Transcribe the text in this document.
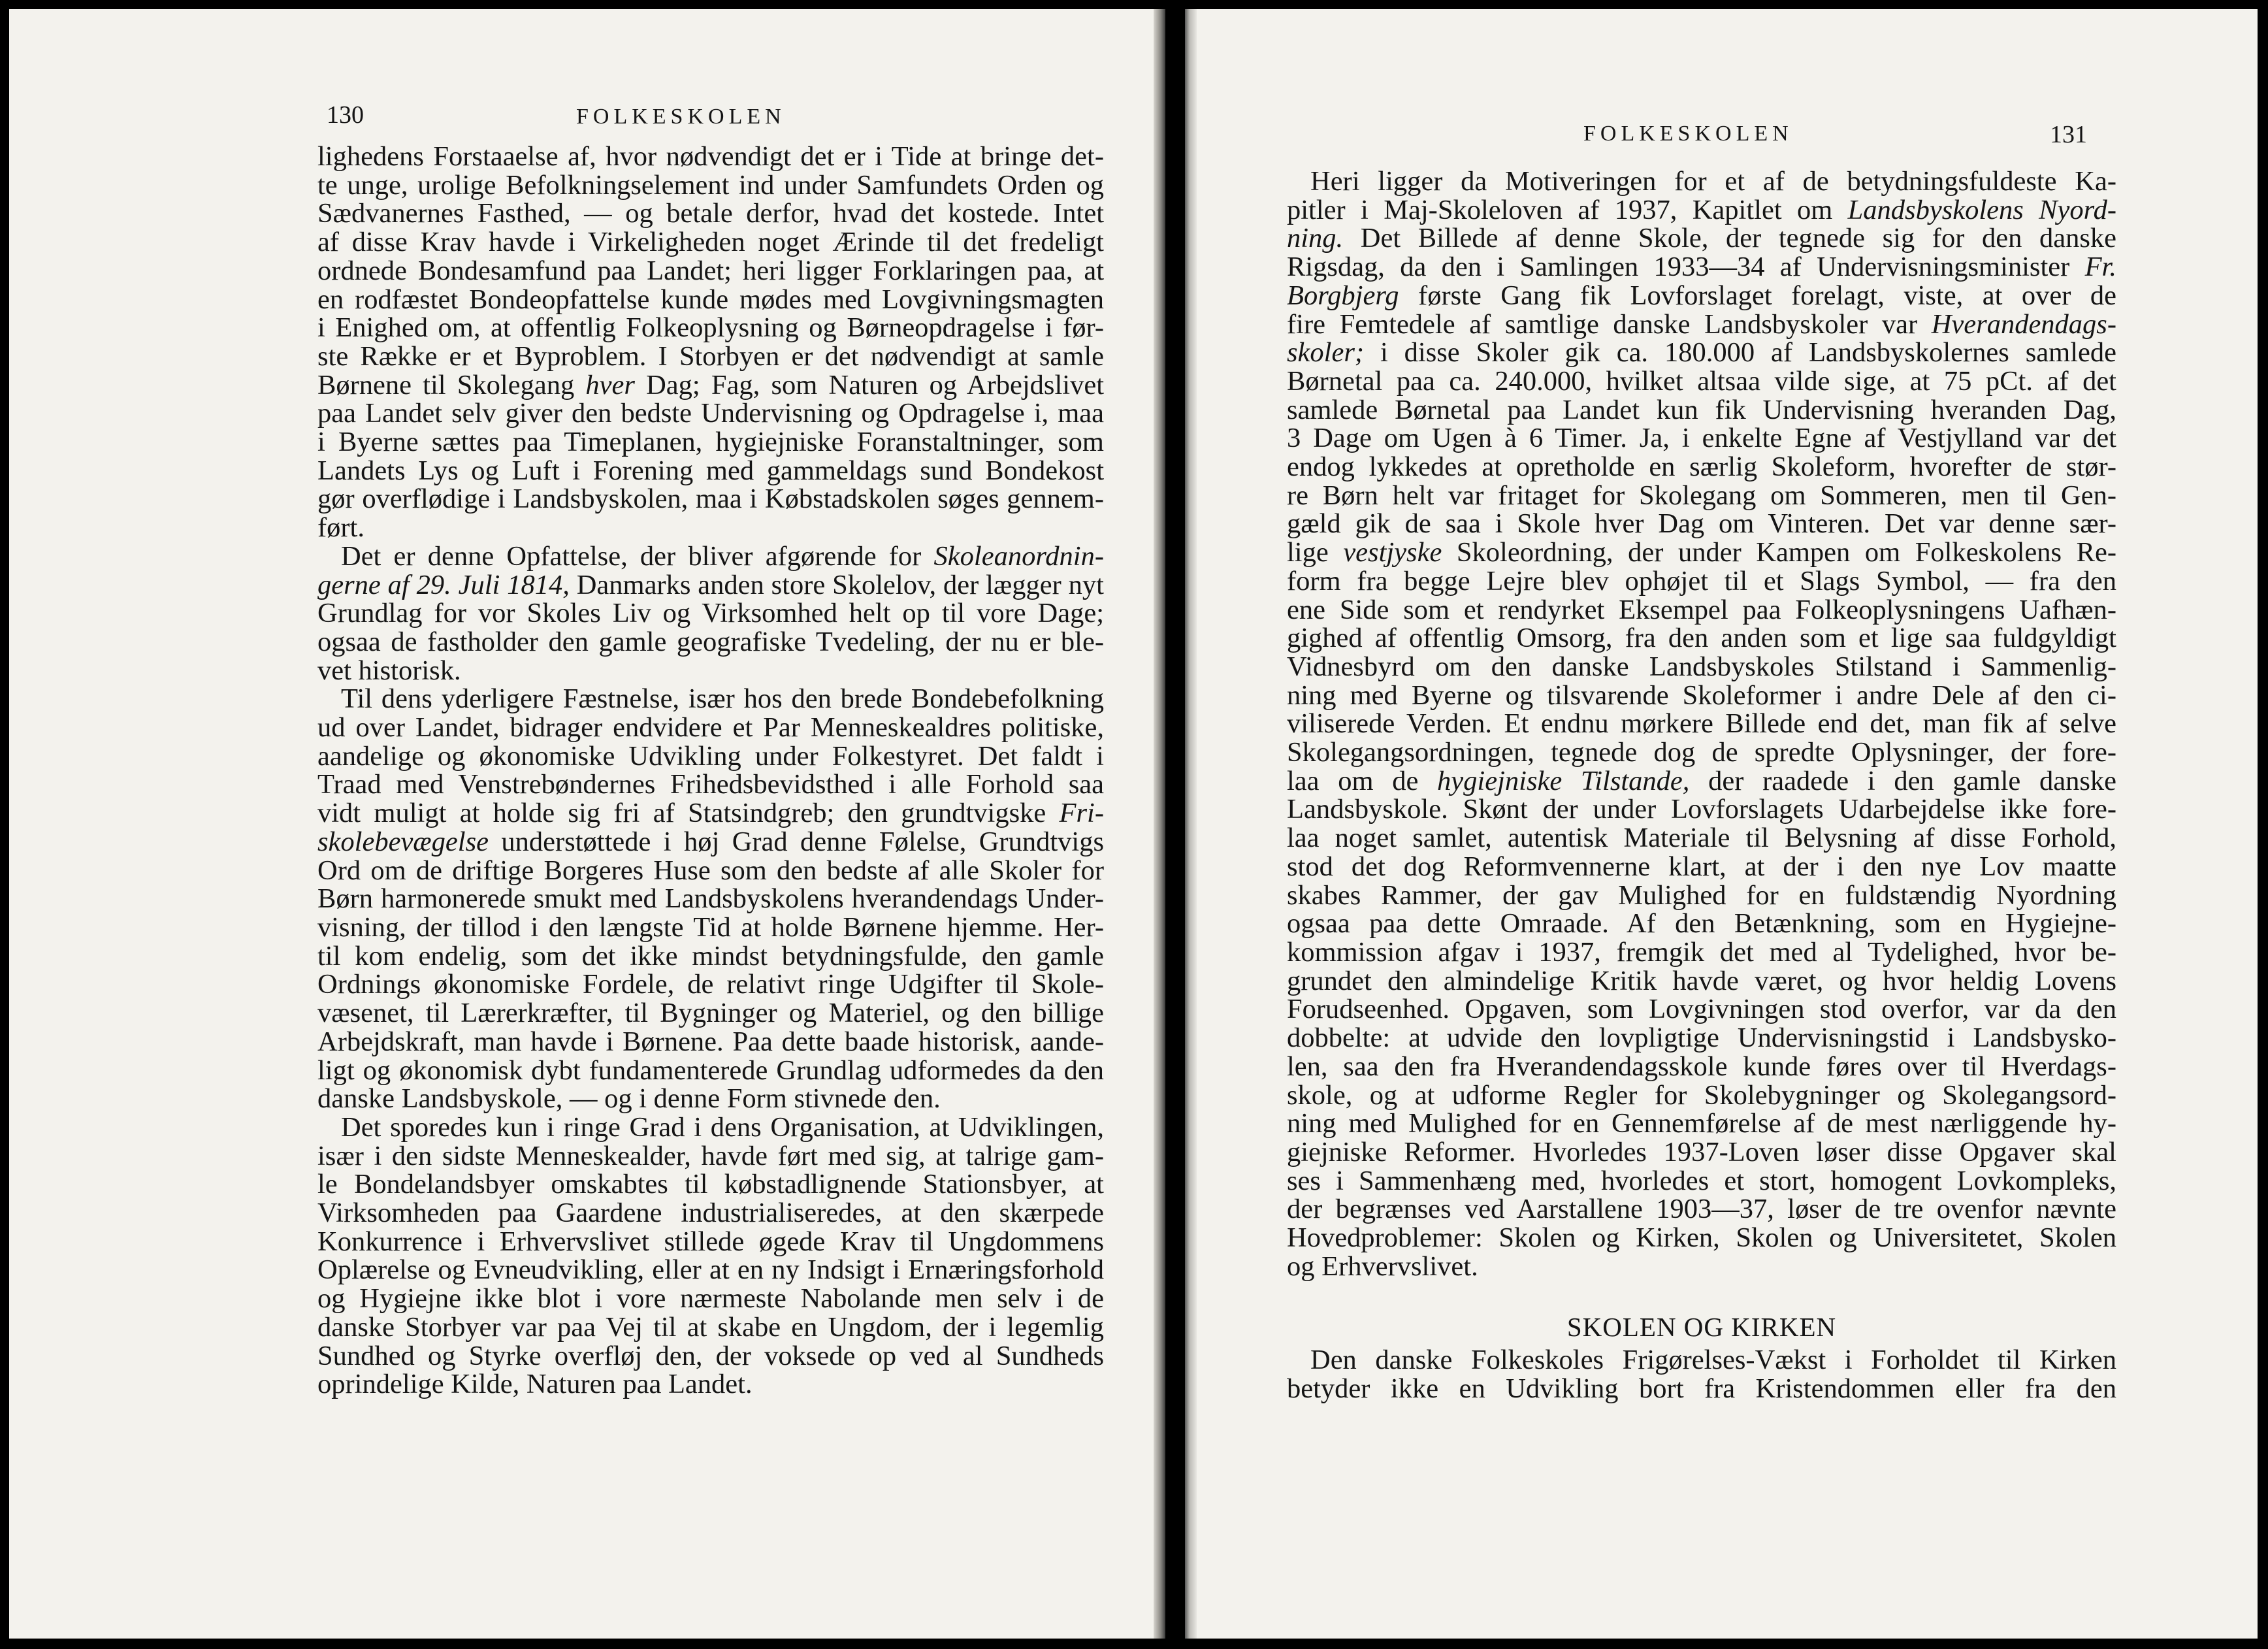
130	FOLKESKOLEN

lighedens Forstaaelse af, hvor nødvendigt det er i Tide at bringe det-
te unge, urolige Befolkningselement ind under Samfundets Orden og
Sædvanernes Fasthed, — og betale derfor, hvad det kostede. Intet
af disse Krav havde i Virkeligheden noget Ærinde til det fredeligt
ordnede Bondesamfund paa Landet; heri ligger Forklaringen paa, at
en rodfæstet Bondeopfattelse kunde mødes med Lovgivningsmagten
i Enighed om, at offentlig Folkeoplysning og Børneopdragelse i før-
ste Række er et Byproblem. I Storbyen er det nødvendigt at samle
Børnene til Skolegang hver Dag; Fag, som Naturen og Arbejdslivet
paa Landet selv giver den bedste Undervisning og Opdragelse i, maa
i Byerne sættes paa Timeplanen, hygiejniske Foranstaltninger, som
Landets Lys og Luft i Forening med gammeldags sund Bondekost
gør overflødige i Landsbyskolen, maa i Købstadskolen søges gennem-
ført.

Det er denne Opfattelse, der bliver afgørende for Skoleanordnin-
gerne af 29. Juli 1814, Danmarks anden store Skolelov, der lægger nyt
Grundlag for vor Skoles Liv og Virksomhed helt op til vore Dage;
ogsaa de fastholder den gamle geografiske Tvedeling, der nu er ble-
vet historisk.

Til dens yderligere Fæstnelse, især hos den brede Bondebefolkning
ud over Landet, bidrager endvidere et Par Menneskealdres politiske,
aandelige og økonomiske Udvikling under Folkestyret. Det faldt i
Traad med Venstrebøndernes Frihedsbevidsthed i alle Forhold saa
vidt muligt at holde sig fri af Statsindgreb; den grundtvigske Fri-
skolebevægelse understøttede i høj Grad denne Følelse, Grundtvigs
Ord om de driftige Borgeres Huse som den bedste af alle Skoler for
Børn harmonerede smukt med Landsbyskolens hverandendags Under-
visning, der tillod i den længste Tid at holde Børnene hjemme. Her-
til kom endelig, som det ikke mindst betydningsfulde, den gamle
Ordnings økonomiske Fordele, de relativt ringe Udgifter til Skole-
væsenet, til Lærerkræfter, til Bygninger og Materiel, og den billige
Arbejdskraft, man havde i Børnene. Paa dette baade historisk, aande-
ligt og økonomisk dybt fundamenterede Grundlag udformedes da den
danske Landsbyskole, — og i denne Form stivnede den.

Det sporedes kun i ringe Grad i dens Organisation, at Udviklingen,
især i den sidste Menneskealder, havde ført med sig, at talrige gam-
le Bondelandsbyer omskabtes til købstadlignende Stationsbyer, at
Virksomheden paa Gaardene industrialiseredes, at den skærpede
Konkurrence i Erhvervslivet stillede øgede Krav til Ungdommens
Oplærelse og Evneudvikling, eller at en ny Indsigt i Ernæringsforhold
og Hygiejne ikke blot i vore nærmeste Nabolande men selv i de
danske Storbyer var paa Vej til at skabe en Ungdom, der i legemlig
Sundhed og Styrke overfløj den, der voksede op ved al Sundheds
oprindelige Kilde, Naturen paa Landet.

FOLKESKOLEN	131

Heri ligger da Motiveringen for et af de betydningsfuldeste Ka-
pitler i Maj-Skoleloven af 1937, Kapitlet om Landsbyskolens Nyord-
ning. Det Billede af denne Skole, der tegnede sig for den danske
Rigsdag, da den i Samlingen 1933—34 af Undervisningsminister Fr.
Borgbjerg første Gang fik Lovforslaget forelagt, viste, at over de
fire Femtedele af samtlige danske Landsbyskoler var Hverandendags-
skoler; i disse Skoler gik ca. 180.000 af Landsbyskolernes samlede
Børnetal paa ca. 240.000, hvilket altsaa vilde sige, at 75 pCt. af det
samlede Børnetal paa Landet kun fik Undervisning hveranden Dag,
3 Dage om Ugen à 6 Timer. Ja, i enkelte Egne af Vestjylland var det
endog lykkedes at opretholde en særlig Skoleform, hvorefter de stør-
re Børn helt var fritaget for Skolegang om Sommeren, men til Gen-
gæld gik de saa i Skole hver Dag om Vinteren. Det var denne sær-
lige vestjyske Skoleordning, der under Kampen om Folkeskolens Re-
form fra begge Lejre blev ophøjet til et Slags Symbol, — fra den
ene Side som et rendyrket Eksempel paa Folkeoplysningens Uafhæn-
gighed af offentlig Omsorg, fra den anden som et lige saa fuldgyldigt
Vidnesbyrd om den danske Landsbyskoles Stilstand i Sammenlig-
ning med Byerne og tilsvarende Skoleformer i andre Dele af den ci-
viliserede Verden. Et endnu mørkere Billede end det, man fik af selve
Skolegangsordningen, tegnede dog de spredte Oplysninger, der fore-
laa om de hygiejniske Tilstande, der raadede i den gamle danske
Landsbyskole. Skønt der under Lovforslagets Udarbejdelse ikke fore-
laa noget samlet, autentisk Materiale til Belysning af disse Forhold,
stod det dog Reformvennerne klart, at der i den nye Lov maatte
skabes Rammer, der gav Mulighed for en fuldstændig Nyordning
ogsaa paa dette Omraade. Af den Betænkning, som en Hygiejne-
kommission afgav i 1937, fremgik det med al Tydelighed, hvor be-
grundet den almindelige Kritik havde været, og hvor heldig Lovens
Forudseenhed. Opgaven, som Lovgivningen stod overfor, var da den
dobbelte: at udvide den lovpligtige Undervisningstid i Landsbysko-
len, saa den fra Hverandendagsskole kunde føres over til Hverdags-
skole, og at udforme Regler for Skolebygninger og Skolegangsord-
ning med Mulighed for en Gennemførelse af de mest nærliggende hy-
giejniske Reformer. Hvorledes 1937-Loven løser disse Opgaver skal
ses i Sammenhæng med, hvorledes et stort, homogent Lovkompleks,
der begrænses ved Aarstallene 1903—37, løser de tre ovenfor nævnte
Hovedproblemer: Skolen og Kirken, Skolen og Universitetet, Skolen
og Erhvervslivet.

SKOLEN OG KIRKEN

Den danske Folkeskoles Frigørelses-Vækst i Forholdet til Kirken
betyder ikke en Udvikling bort fra Kristendommen eller fra den
